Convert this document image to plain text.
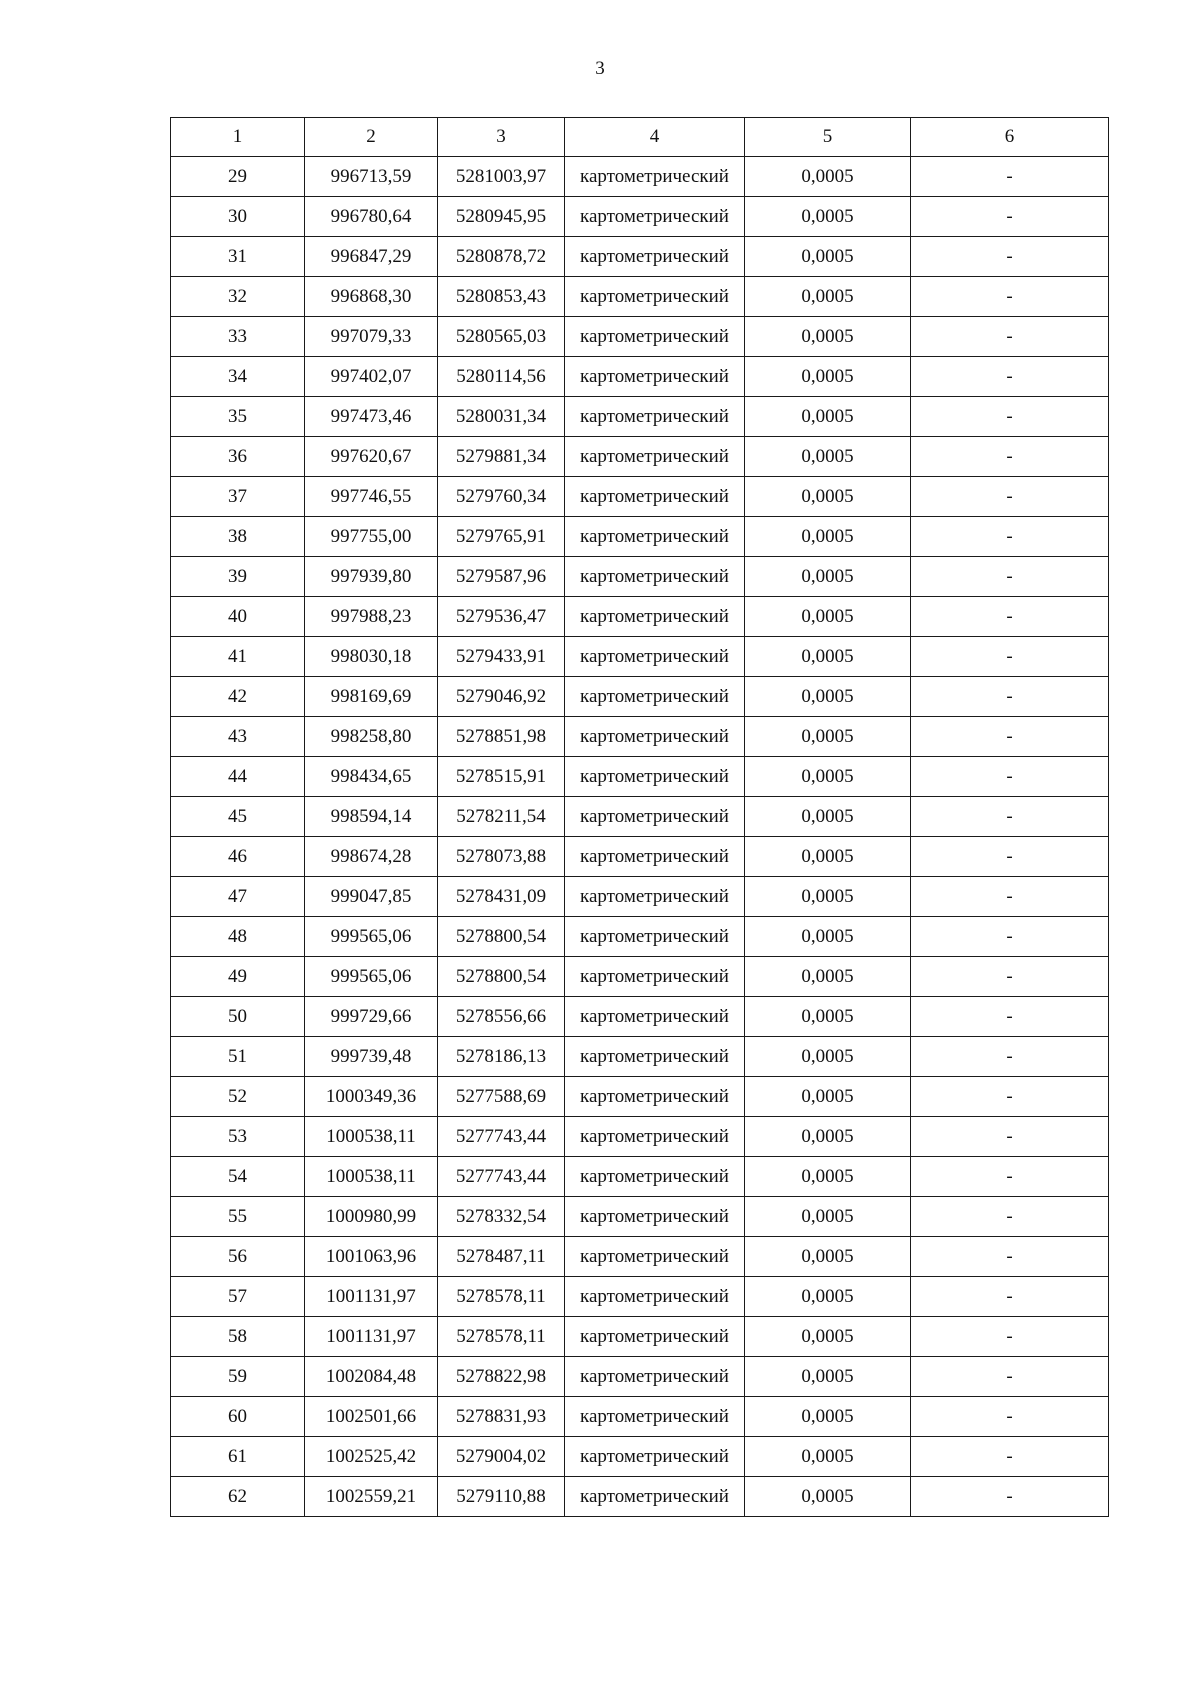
3
1	2	3	4	5	6
29	996713,59	5281003,97	картометрический	0,0005	-
30	996780,64	5280945,95	картометрический	0,0005	-
31	996847,29	5280878,72	картометрический	0,0005	-
32	996868,30	5280853,43	картометрический	0,0005	-
33	997079,33	5280565,03	картометрический	0,0005	-
34	997402,07	5280114,56	картометрический	0,0005	-
35	997473,46	5280031,34	картометрический	0,0005	-
36	997620,67	5279881,34	картометрический	0,0005	-
37	997746,55	5279760,34	картометрический	0,0005	-
38	997755,00	5279765,91	картометрический	0,0005	-
39	997939,80	5279587,96	картометрический	0,0005	-
40	997988,23	5279536,47	картометрический	0,0005	-
41	998030,18	5279433,91	картометрический	0,0005	-
42	998169,69	5279046,92	картометрический	0,0005	-
43	998258,80	5278851,98	картометрический	0,0005	-
44	998434,65	5278515,91	картометрический	0,0005	-
45	998594,14	5278211,54	картометрический	0,0005	-
46	998674,28	5278073,88	картометрический	0,0005	-
47	999047,85	5278431,09	картометрический	0,0005	-
48	999565,06	5278800,54	картометрический	0,0005	-
49	999565,06	5278800,54	картометрический	0,0005	-
50	999729,66	5278556,66	картометрический	0,0005	-
51	999739,48	5278186,13	картометрический	0,0005	-
52	1000349,36	5277588,69	картометрический	0,0005	-
53	1000538,11	5277743,44	картометрический	0,0005	-
54	1000538,11	5277743,44	картометрический	0,0005	-
55	1000980,99	5278332,54	картометрический	0,0005	-
56	1001063,96	5278487,11	картометрический	0,0005	-
57	1001131,97	5278578,11	картометрический	0,0005	-
58	1001131,97	5278578,11	картометрический	0,0005	-
59	1002084,48	5278822,98	картометрический	0,0005	-
60	1002501,66	5278831,93	картометрический	0,0005	-
61	1002525,42	5279004,02	картометрический	0,0005	-
62	1002559,21	5279110,88	картометрический	0,0005	-
